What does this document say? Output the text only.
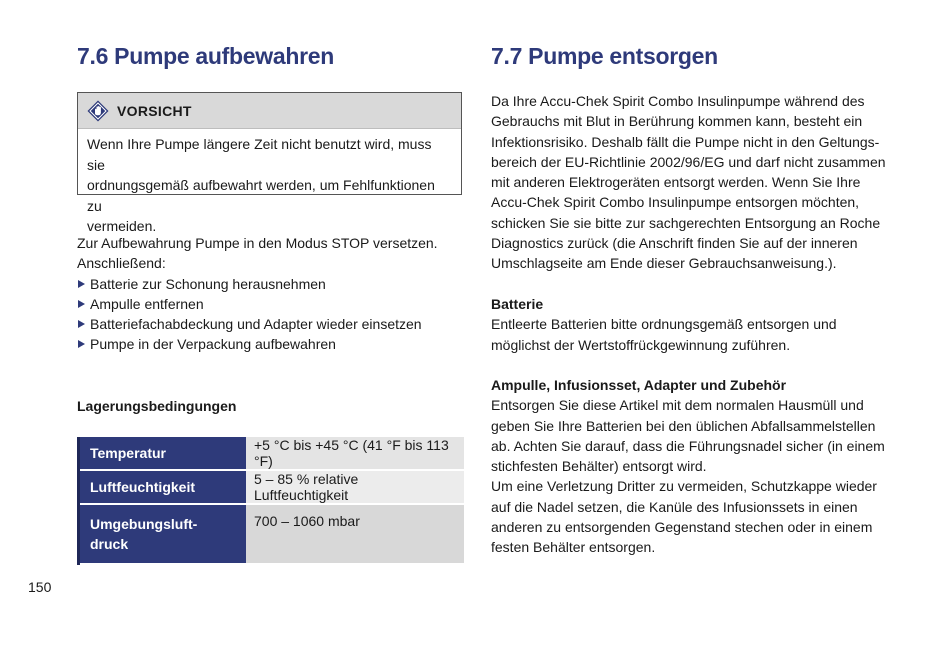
7.6 Pumpe aufbewahren
VORSICHT
Wenn Ihre Pumpe längere Zeit nicht benutzt wird, muss sie
ordnungsgemäß aufbewahrt werden, um Fehlfunktionen zu
vermeiden.
Zur Aufbewahrung Pumpe in den Modus STOP versetzen.
Anschließend:
Batterie zur Schonung herausnehmen
Ampulle entfernen
Batteriefachabdeckung und Adapter wieder einsetzen
Pumpe in der Verpackung aufbewahren
Lagerungsbedingungen
Temperatur	+5 °C bis +45 °C (41 °F bis 113 °F)
Luftfeuchtigkeit	5 – 85 % relative Luftfeuchtigkeit

Umgebungsluft-
druck	700 – 1060 mbar
150
7.7 Pumpe entsorgen
Da Ihre Accu-Chek Spirit Combo Insulinpumpe während des
Gebrauchs mit Blut in Berührung kommen kann, besteht ein
Infektionsrisiko. Deshalb fällt die Pumpe nicht in den Geltungs-
bereich der EU-Richtlinie 2002/96/EG und darf nicht zusammen
mit anderen Elektrogeräten entsorgt werden. Wenn Sie Ihre
Accu-Chek Spirit Combo Insulinpumpe entsorgen möchten,
schicken Sie sie bitte zur sachgerechten Entsorgung an Roche
Diagnostics zurück (die Anschrift finden Sie auf der inneren
Umschlagseite am Ende dieser Gebrauchsanweisung.).
Batterie
Entleerte Batterien bitte ordnungsgemäß entsorgen und
möglichst der Wertstoffrückgewinnung zuführen.
Ampulle, Infusionsset, Adapter und Zubehör
Entsorgen Sie diese Artikel mit dem normalen Hausmüll und
geben Sie Ihre Batterien bei den üblichen Abfallsammelstellen
ab. Achten Sie darauf, dass die Führungsnadel sicher (in einem
stichfesten Behälter) entsorgt wird.
Um eine Verletzung Dritter zu vermeiden, Schutzkappe wieder
auf die Nadel setzen, die Kanüle des Infusionssets in einen
anderen zu entsorgenden Gegenstand stechen oder in einem
festen Behälter entsorgen.
